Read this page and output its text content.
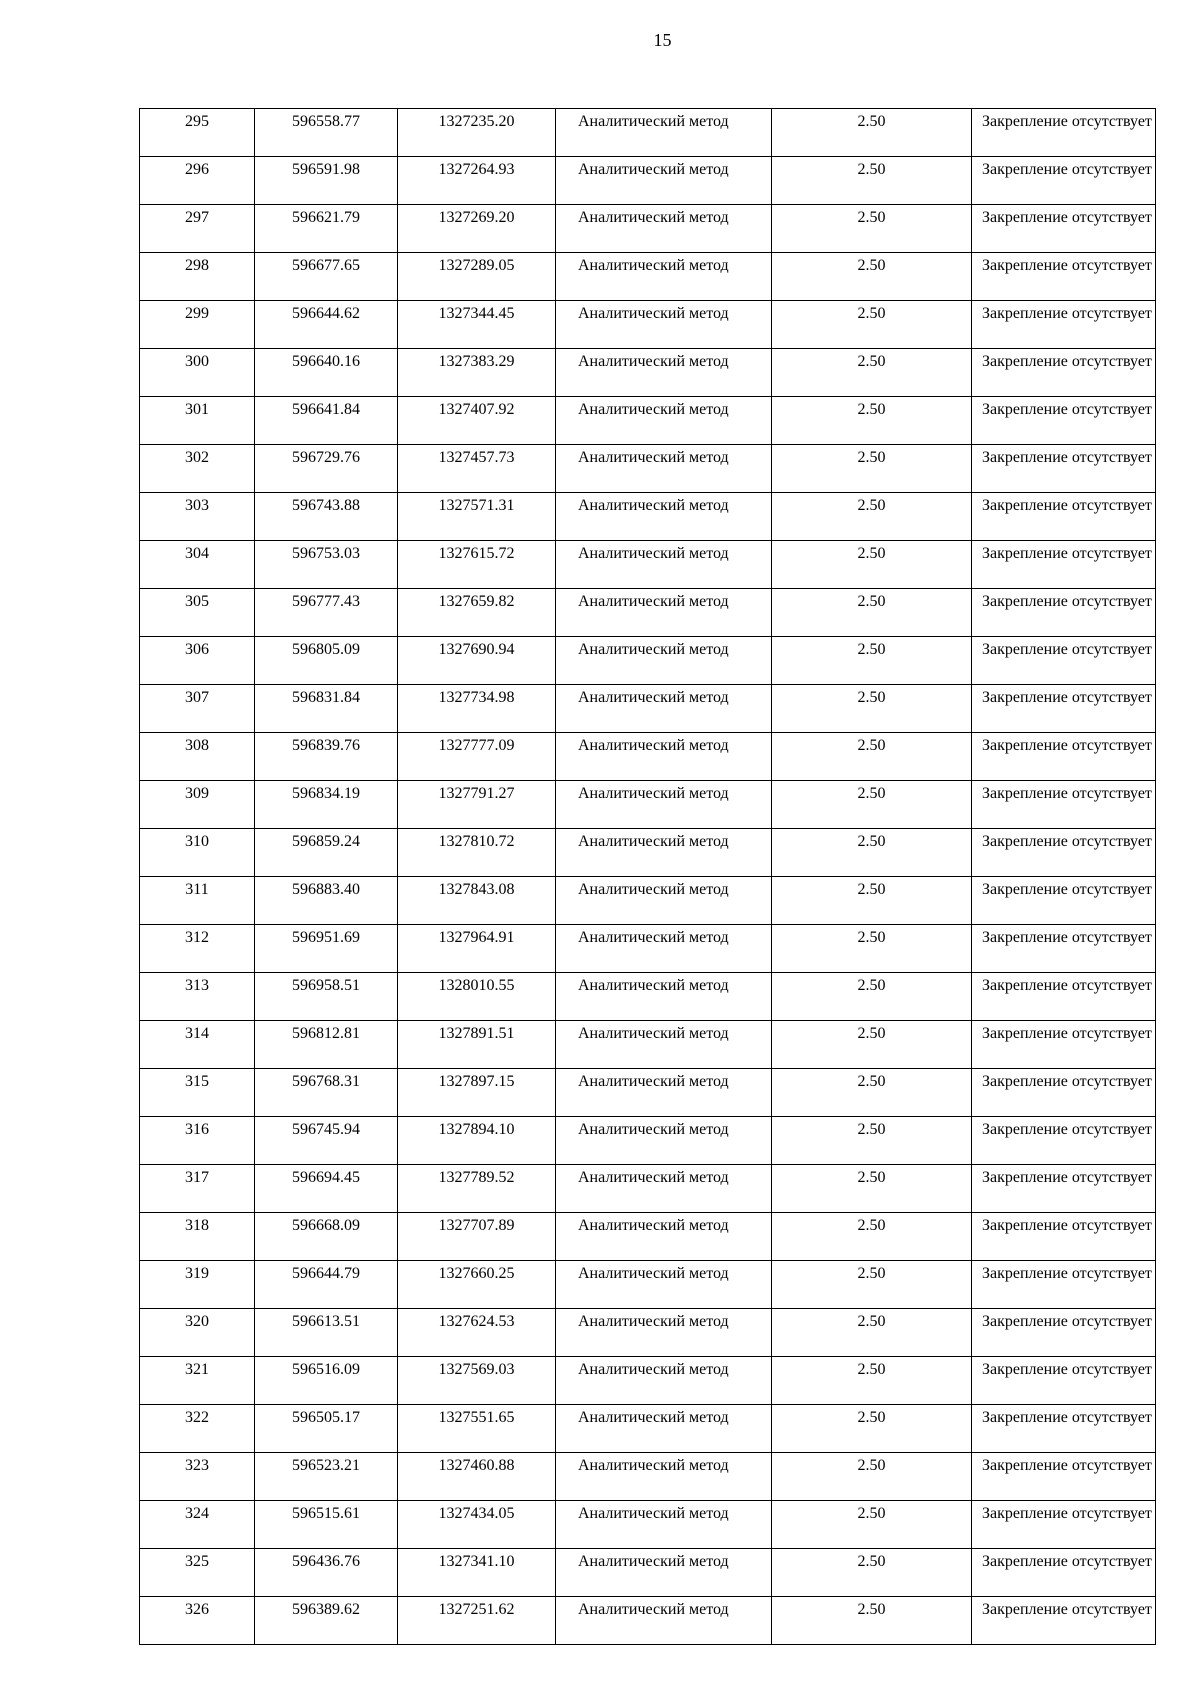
15
295	596558.77	1327235.20	Аналитический метод	2.50	Закрепление отсутствует
296	596591.98	1327264.93	Аналитический метод	2.50	Закрепление отсутствует
297	596621.79	1327269.20	Аналитический метод	2.50	Закрепление отсутствует
298	596677.65	1327289.05	Аналитический метод	2.50	Закрепление отсутствует
299	596644.62	1327344.45	Аналитический метод	2.50	Закрепление отсутствует
300	596640.16	1327383.29	Аналитический метод	2.50	Закрепление отсутствует
301	596641.84	1327407.92	Аналитический метод	2.50	Закрепление отсутствует
302	596729.76	1327457.73	Аналитический метод	2.50	Закрепление отсутствует
303	596743.88	1327571.31	Аналитический метод	2.50	Закрепление отсутствует
304	596753.03	1327615.72	Аналитический метод	2.50	Закрепление отсутствует
305	596777.43	1327659.82	Аналитический метод	2.50	Закрепление отсутствует
306	596805.09	1327690.94	Аналитический метод	2.50	Закрепление отсутствует
307	596831.84	1327734.98	Аналитический метод	2.50	Закрепление отсутствует
308	596839.76	1327777.09	Аналитический метод	2.50	Закрепление отсутствует
309	596834.19	1327791.27	Аналитический метод	2.50	Закрепление отсутствует
310	596859.24	1327810.72	Аналитический метод	2.50	Закрепление отсутствует
311	596883.40	1327843.08	Аналитический метод	2.50	Закрепление отсутствует
312	596951.69	1327964.91	Аналитический метод	2.50	Закрепление отсутствует
313	596958.51	1328010.55	Аналитический метод	2.50	Закрепление отсутствует
314	596812.81	1327891.51	Аналитический метод	2.50	Закрепление отсутствует
315	596768.31	1327897.15	Аналитический метод	2.50	Закрепление отсутствует
316	596745.94	1327894.10	Аналитический метод	2.50	Закрепление отсутствует
317	596694.45	1327789.52	Аналитический метод	2.50	Закрепление отсутствует
318	596668.09	1327707.89	Аналитический метод	2.50	Закрепление отсутствует
319	596644.79	1327660.25	Аналитический метод	2.50	Закрепление отсутствует
320	596613.51	1327624.53	Аналитический метод	2.50	Закрепление отсутствует
321	596516.09	1327569.03	Аналитический метод	2.50	Закрепление отсутствует
322	596505.17	1327551.65	Аналитический метод	2.50	Закрепление отсутствует
323	596523.21	1327460.88	Аналитический метод	2.50	Закрепление отсутствует
324	596515.61	1327434.05	Аналитический метод	2.50	Закрепление отсутствует
325	596436.76	1327341.10	Аналитический метод	2.50	Закрепление отсутствует
326	596389.62	1327251.62	Аналитический метод	2.50	Закрепление отсутствует
